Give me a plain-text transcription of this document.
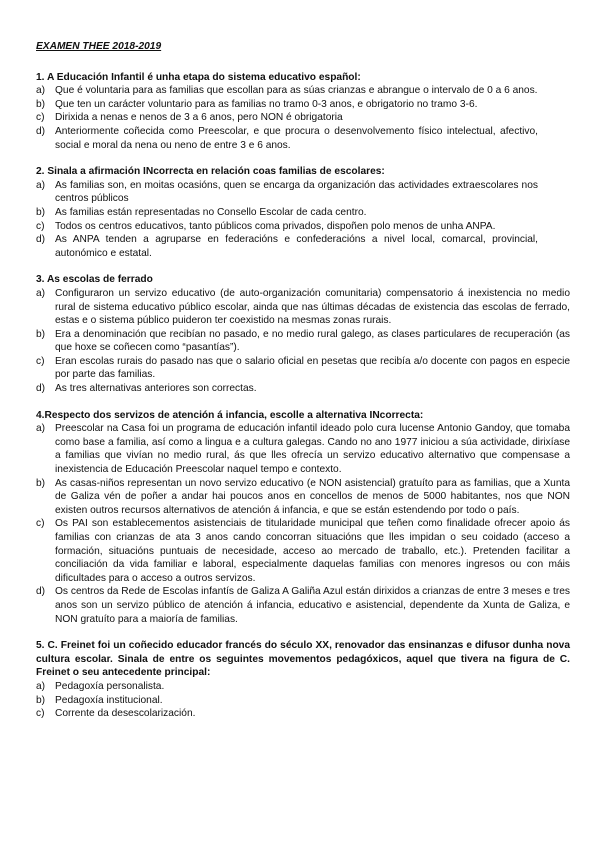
EXAMEN THEE 2018-2019

1. A Educación Infantil é unha etapa do sistema educativo español:

a) Que é voluntaria para as familias que escollan para as súas crianzas e abrangue o intervalo de 0 a 6 anos.
b) Que ten un carácter voluntario para as familias no tramo 0-3 anos, e obrigatorio no tramo 3-6.
c)	Dirixida a nenas e nenos de 3 a 6 anos, pero NON é obrigatoria
d) Anteriormente coñecida como Preescolar, e que procura o desenvolvemento físico intelectual, afectivo, social e moral da nena ou neno de entre 3 e 6 anos.

2. Sinala a afirmación INcorrecta en relación coas familias de escolares:

a) As familias son, en moitas ocasións, quen se encarga da organización das actividades extraescolares nos centros públicos
b) As familias están representadas no Consello Escolar de cada centro.
c)	Todos os centros educativos, tanto públicos coma privados, dispoñen polo menos de unha ANPA.
d) As ANPA tenden a agruparse en federacións e confederacións a nivel local, comarcal, provincial, autonómico e estatal.

3. As escolas de ferrado

a) Configuraron un servizo educativo (de auto-organización comunitaria) compensatorio á inexistencia no medio rural de sistema educativo público escolar, ainda que nas últimas décadas de existencia das escolas de ferrado, estas e o sistema público puideron ter coexistido na mesmas zonas rurais.
b) Era a denominación que recibían no pasado, e no medio rural galego, as clases particulares de recuperación (as que hoxe se coñecen como “pasantías”).
c)	Eran escolas rurais do pasado nas que o salario oficial en pesetas que recibía a/o docente con pagos en especie por parte das familias.
d) As tres alternativas anteriores son correctas.

4.Respecto dos servizos de atención á infancia, escolle a alternativa INcorrecta:

a) Preescolar na Casa foi un programa de educación infantil ideado polo cura lucense Antonio Gandoy, que tomaba como base a familia, así como a lingua e a cultura galegas. Cando no ano 1977 iniciou a súa actividade, dirixíase a familias que vivían no medio rural, ás que lles ofrecía un servizo educativo alternativo que compensase a inexistencia de Educación Preescolar naquel tempo e contexto.
b) As casas-niños representan un novo servizo educativo (e NON asistencial) gratuíto para as familias, que a Xunta de Galiza vén de poñer a andar hai poucos anos en concellos de menos de 5000 habitantes, nos que NON existen outros recursos alternativos de atención á infancia, e que se están estendendo por todo o país.
c)	Os PAI son establecementos asistenciais de titularidade municipal que teñen como finalidade ofrecer apoio ás familias con crianzas de ata 3 anos cando concorran situacións que lles impidan o seu coidado (acceso a formación, situacións puntuais de necesidade, acceso ao mercado de traballo, etc.). Pretenden facilitar a conciliación da vida familiar e laboral, especialmente daquelas familias con menores ingresos ou con máis dificultades para o acceso a outros servizos.
d) Os centros da Rede de Escolas infantís de Galiza A Galiña Azul están dirixidos a crianzas de entre 3 meses e tres anos son un servizo público de atención á infancia, educativo e asistencial, dependente da Xunta de Galiza, e NON gratuíto para a maioría de familias.

5. C. Freinet foi un coñecido educador francés do século XX, renovador das ensinanzas e difusor dunha nova cultura escolar. Sinala de entre os seguintes movementos pedagóxicos, aquel que tivera na figura de C. Freinet o seu antecedente principal:

a) Pedagoxía personalista.
b) Pedagoxía institucional.
c)	Corrente da desescolarización.
